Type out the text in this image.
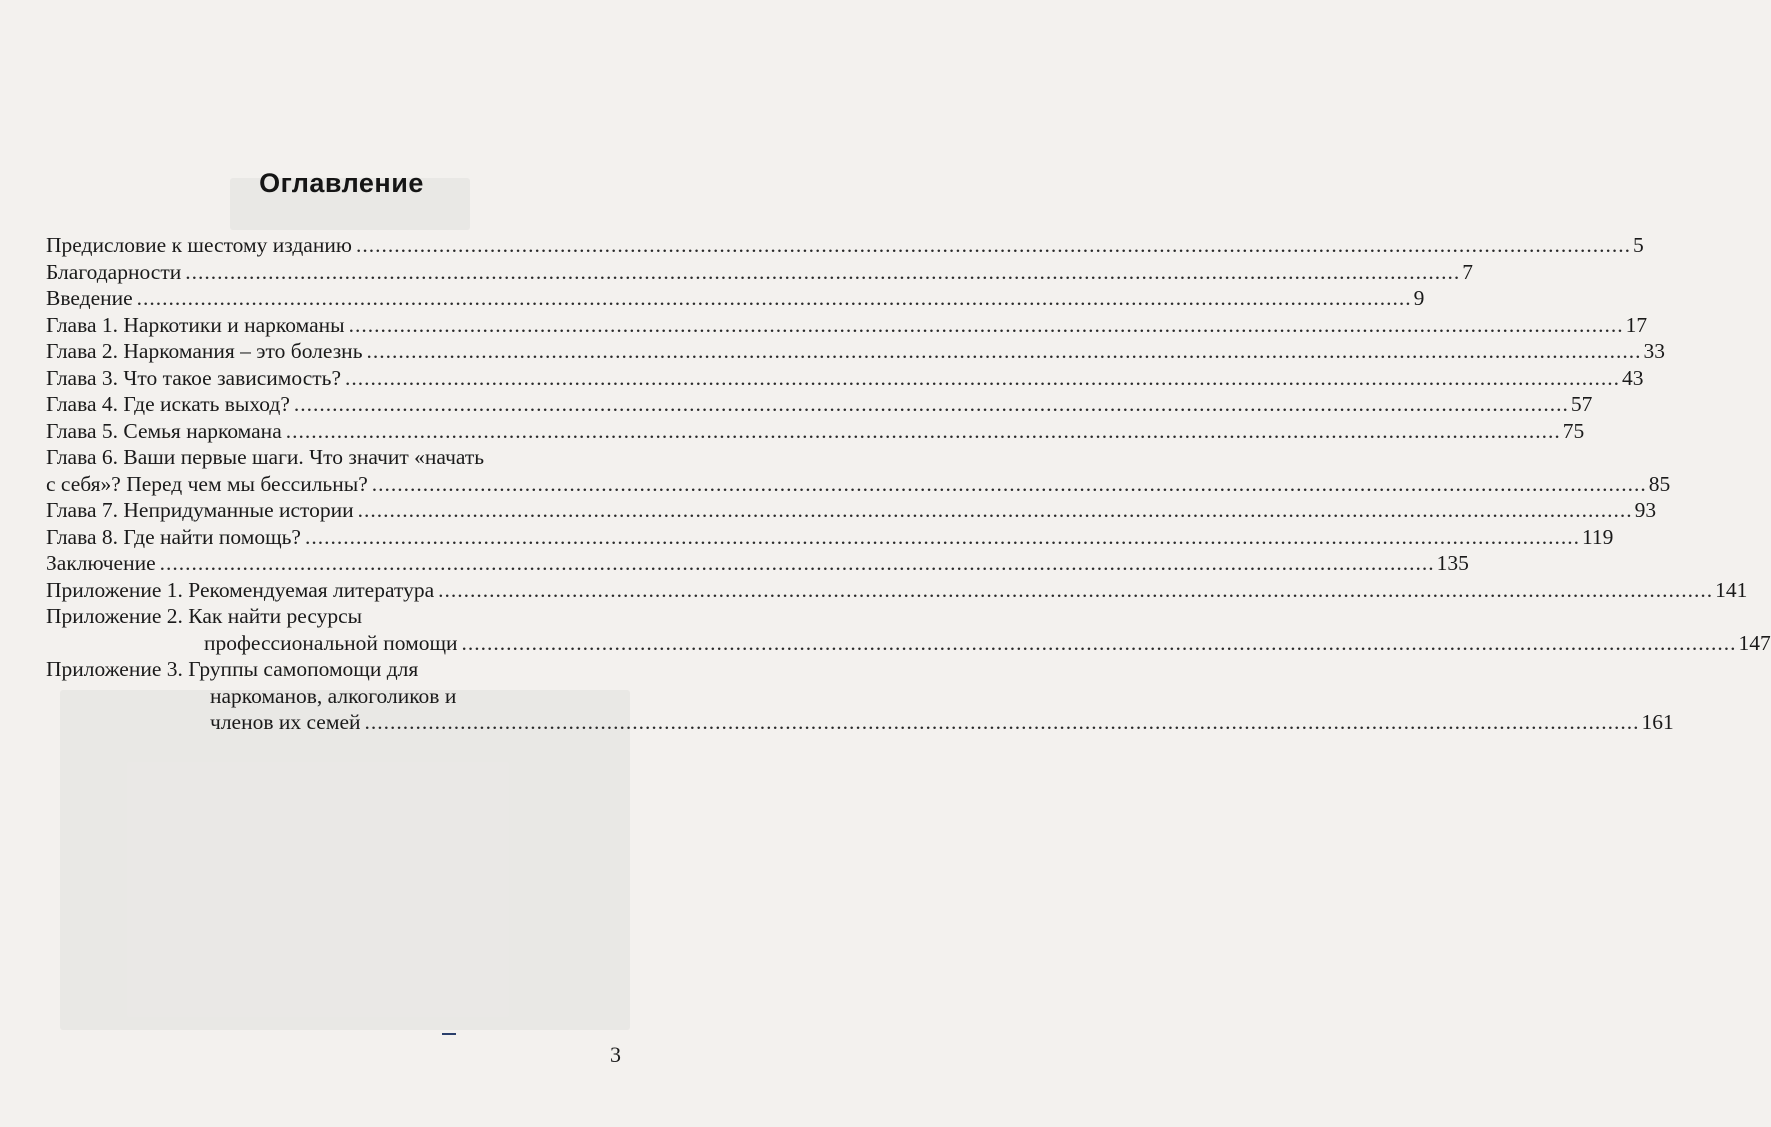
Оглавление
Предисловие к шестому изданию .....	5
Благодарности .....	7
Введение .....	9
Глава 1. Наркотики и наркоманы .....	17
Глава 2. Наркомания – это болезнь .....	33
Глава 3. Что такое зависимость? .....	43
Глава 4. Где искать выход? .....	57
Глава 5. Семья наркомана .....	75
Глава 6. Ваши первые шаги. Что значит «начать
с себя»? Перед чем мы бессильны? .....	85
Глава 7. Непридуманные истории .....	93
Глава 8. Где найти помощь? .....	119
Заключение .....	135
Приложение 1. Рекомендуемая литература .....	141
Приложение 2. Как найти ресурсы
профессиональной помощи .....	147
Приложение 3. Группы самопомощи для
наркоманов, алкоголиков и
членов их семей .....	161
3
